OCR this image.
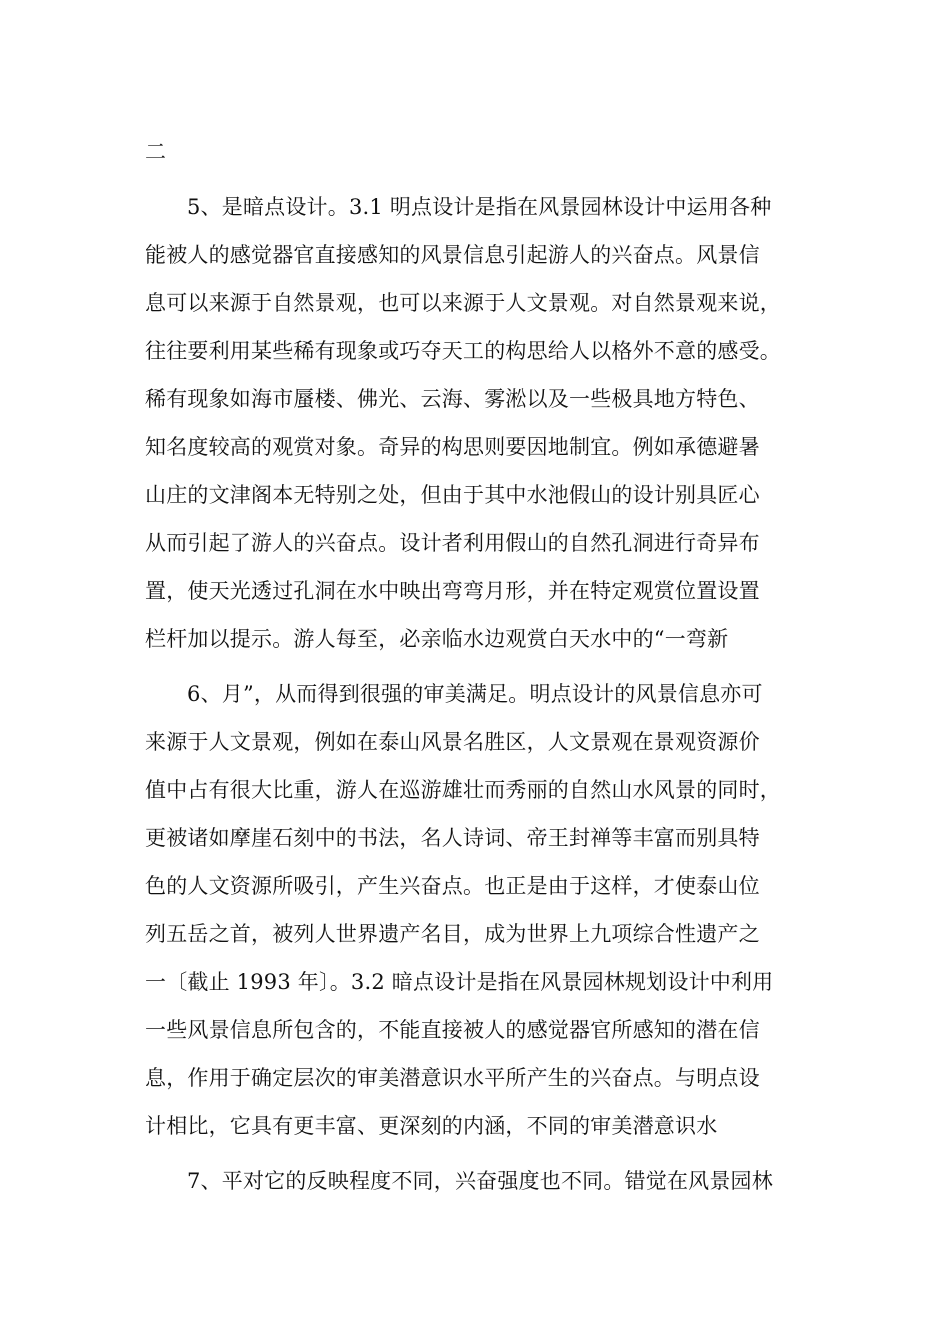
二
5、是暗点设计。3.1 明点设计是指在风景园林设计中运用各种
能被人的感觉器官直接感知的风景信息引起游人的兴奋点。风景信
息可以来源于自然景观，也可以来源于人文景观。对自然景观来说，
往往要利用某些稀有现象或巧夺天工的构思给人以格外不意的感受。
稀有现象如海市蜃楼、佛光、云海、雾淞以及一些极具地方特色、
知名度较高的观赏对象。奇异的构思则要因地制宜。例如承德避暑
山庄的文津阁本无特别之处，但由于其中水池假山的设计别具匠心
从而引起了游人的兴奋点。设计者利用假山的自然孔洞进行奇异布
置，使天光透过孔洞在水中映出弯弯月形，并在特定观赏位置设置
栏杆加以提示。游人每至，必亲临水边观赏白天水中的“一弯新
6、月”，从而得到很强的审美满足。明点设计的风景信息亦可
来源于人文景观，例如在泰山风景名胜区，人文景观在景观资源价
值中占有很大比重，游人在巡游雄壮而秀丽的自然山水风景的同时，
更被诸如摩崖石刻中的书法，名人诗词、帝王封禅等丰富而别具特
色的人文资源所吸引，产生兴奋点。也正是由于这样，才使泰山位
列五岳之首，被列人世界遗产名目，成为世界上九项综合性遗产之
一〔截止 1993 年〕。3.2 暗点设计是指在风景园林规划设计中利用
一些风景信息所包含的，不能直接被人的感觉器官所感知的潜在信
息，作用于确定层次的审美潜意识水平所产生的兴奋点。与明点设
计相比，它具有更丰富、更深刻的内涵，不同的审美潜意识水
7、平对它的反映程度不同，兴奋强度也不同。错觉在风景园林
